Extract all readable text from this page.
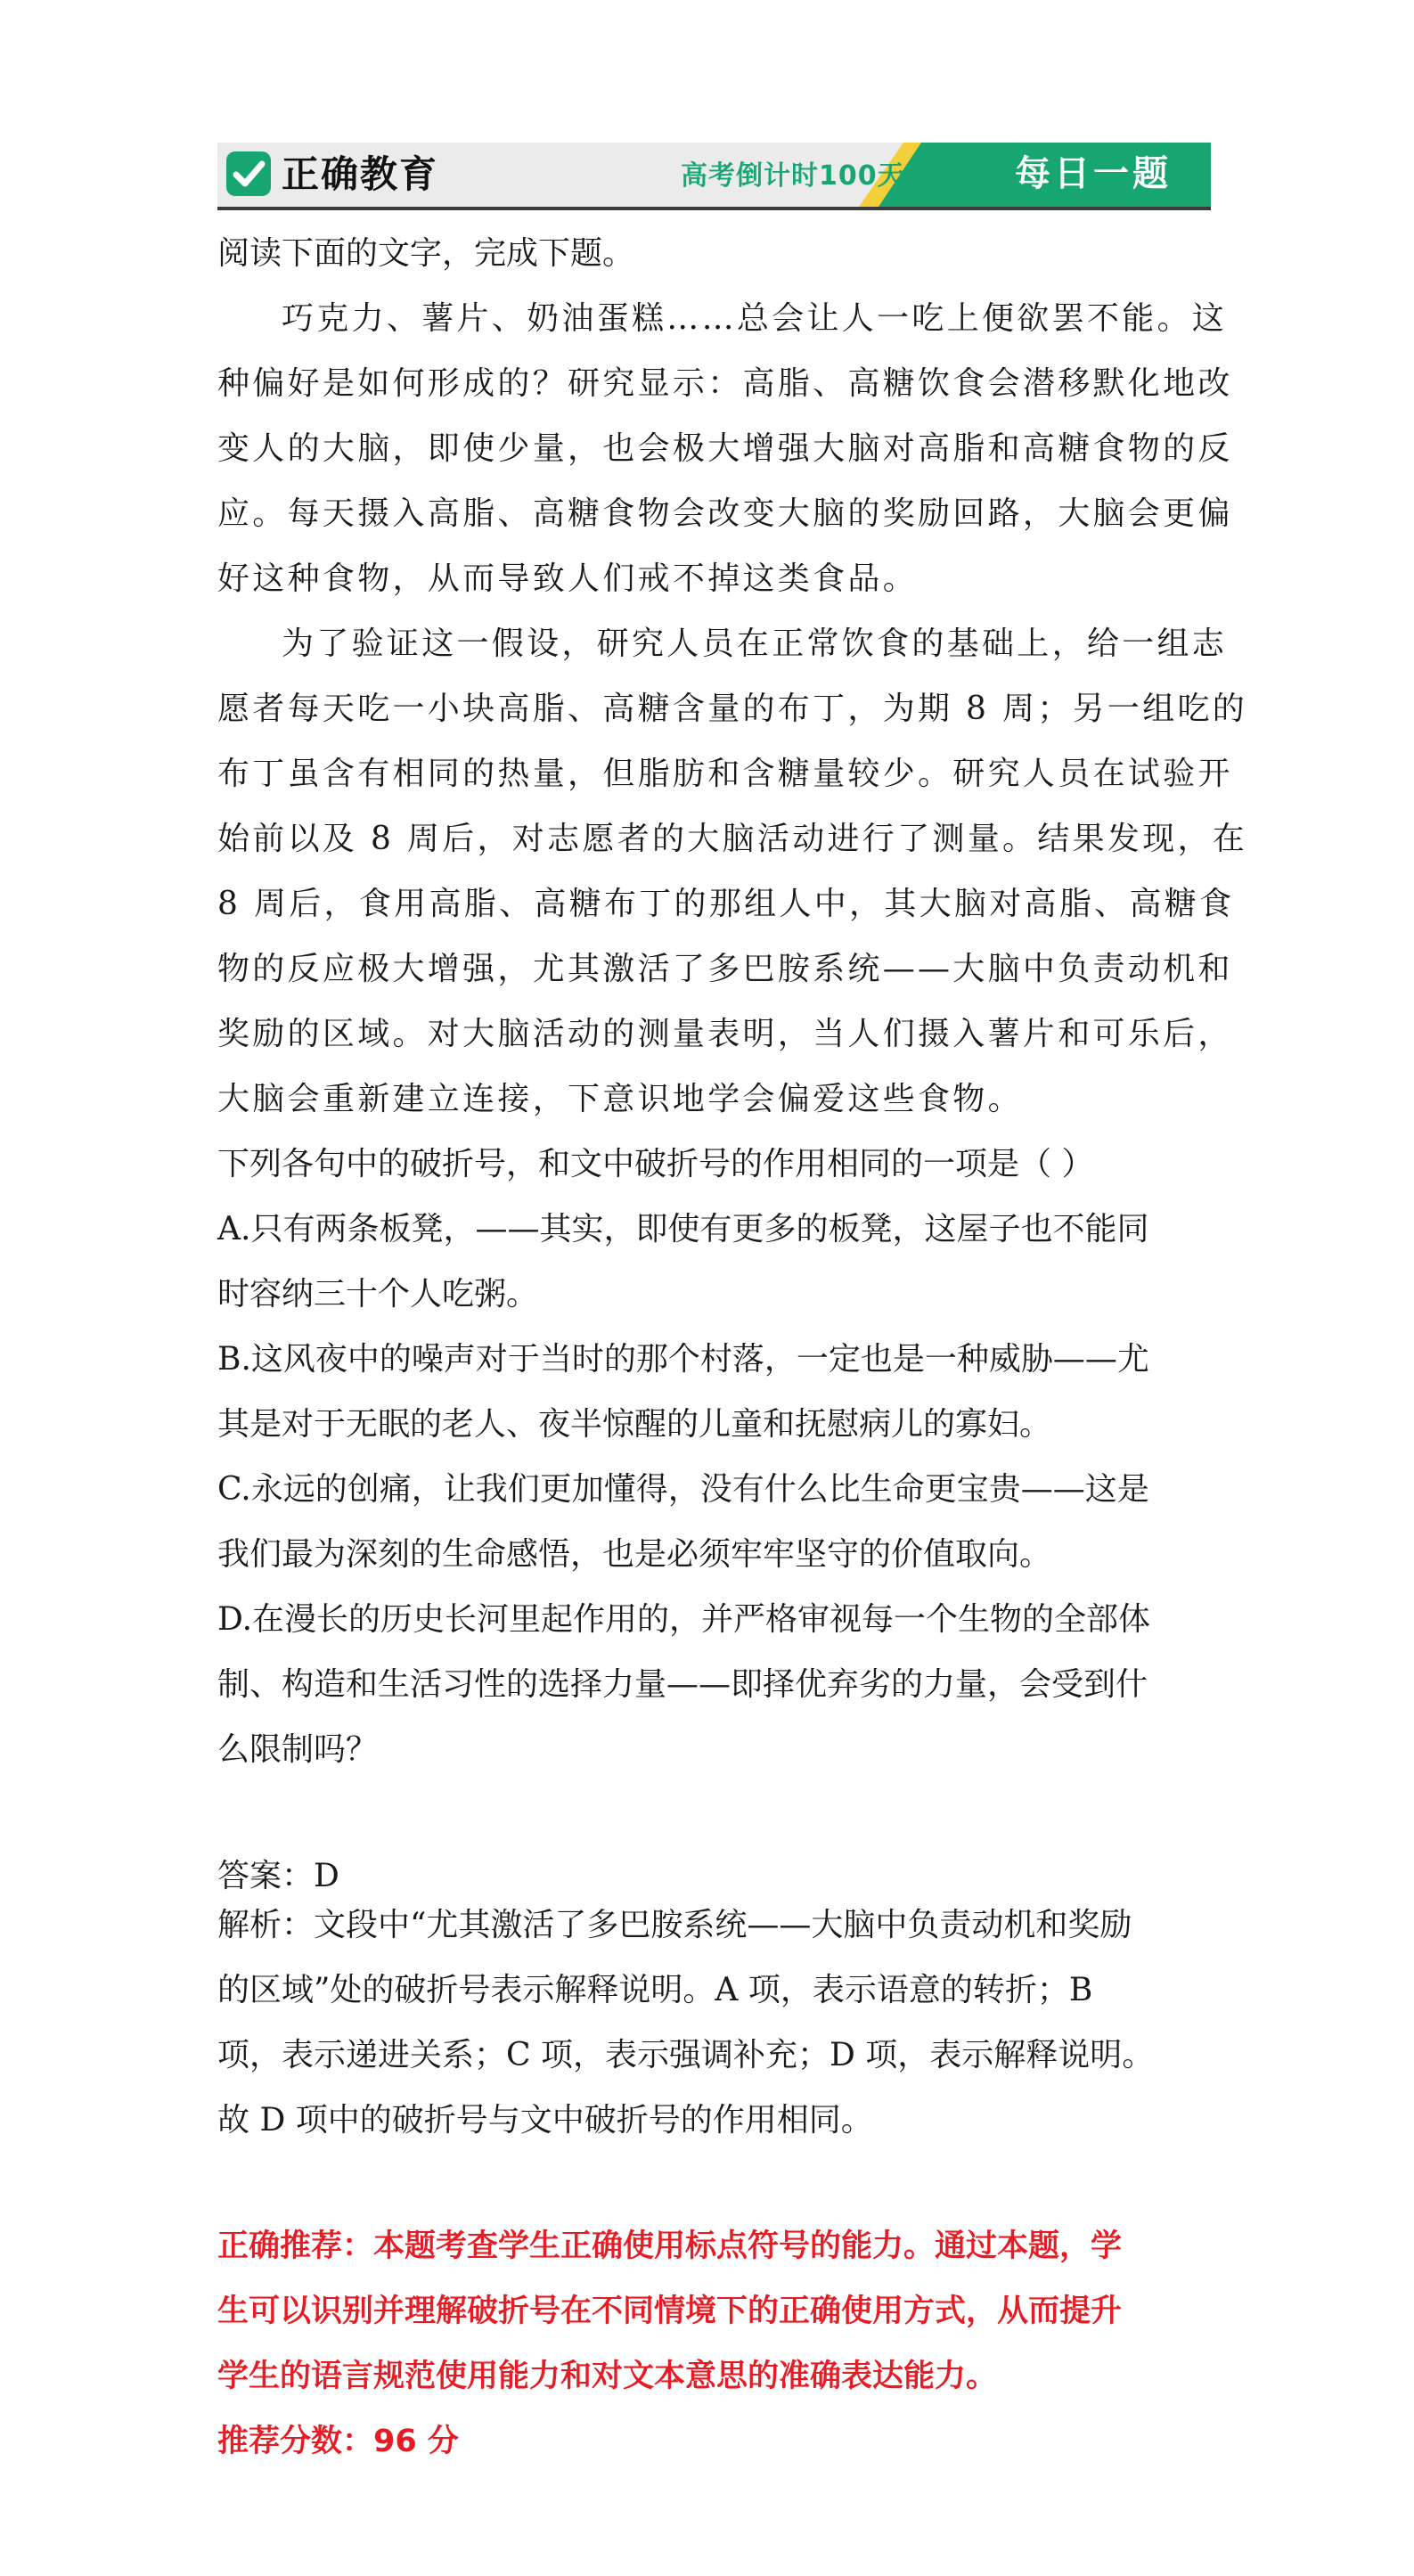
正确教育	高考倒计时100天	每日一题
阅读下面的文字，完成下题。
巧克力、薯片、奶油蛋糕……总会让人一吃上便欲罢不能。这
种偏好是如何形成的？研究显示：高脂、高糖饮食会潜移默化地改
变人的大脑，即使少量，也会极大增强大脑对高脂和高糖食物的反
应。每天摄入高脂、高糖食物会改变大脑的奖励回路，大脑会更偏
好这种食物，从而导致人们戒不掉这类食品。
为了验证这一假设，研究人员在正常饮食的基础上，给一组志
愿者每天吃一小块高脂、高糖含量的布丁，为期 8 周；另一组吃的
布丁虽含有相同的热量，但脂肪和含糖量较少。研究人员在试验开
始前以及 8 周后，对志愿者的大脑活动进行了测量。结果发现，在
8 周后，食用高脂、高糖布丁的那组人中，其大脑对高脂、高糖食
物的反应极大增强，尤其激活了多巴胺系统——大脑中负责动机和
奖励的区域。对大脑活动的测量表明，当人们摄入薯片和可乐后，
大脑会重新建立连接，下意识地学会偏爱这些食物。
下列各句中的破折号，和文中破折号的作用相同的一项是（ ）
A.只有两条板凳，——其实，即使有更多的板凳，这屋子也不能同
时容纳三十个人吃粥。
B.这风夜中的噪声对于当时的那个村落，一定也是一种威胁——尤
其是对于无眠的老人、夜半惊醒的儿童和抚慰病儿的寡妇。
C.永远的创痛，让我们更加懂得，没有什么比生命更宝贵——这是
我们最为深刻的生命感悟，也是必须牢牢坚守的价值取向。
D.在漫长的历史长河里起作用的，并严格审视每一个生物的全部体
制、构造和生活习性的选择力量——即择优弃劣的力量，会受到什
么限制吗？
答案：D
解析：文段中“尤其激活了多巴胺系统——大脑中负责动机和奖励
的区域”处的破折号表示解释说明。A 项，表示语意的转折；B
项，表示递进关系；C 项，表示强调补充；D 项，表示解释说明。
故 D 项中的破折号与文中破折号的作用相同。
正确推荐：本题考查学生正确使用标点符号的能力。通过本题，学
生可以识别并理解破折号在不同情境下的正确使用方式，从而提升
学生的语言规范使用能力和对文本意思的准确表达能力。
推荐分数：96 分
